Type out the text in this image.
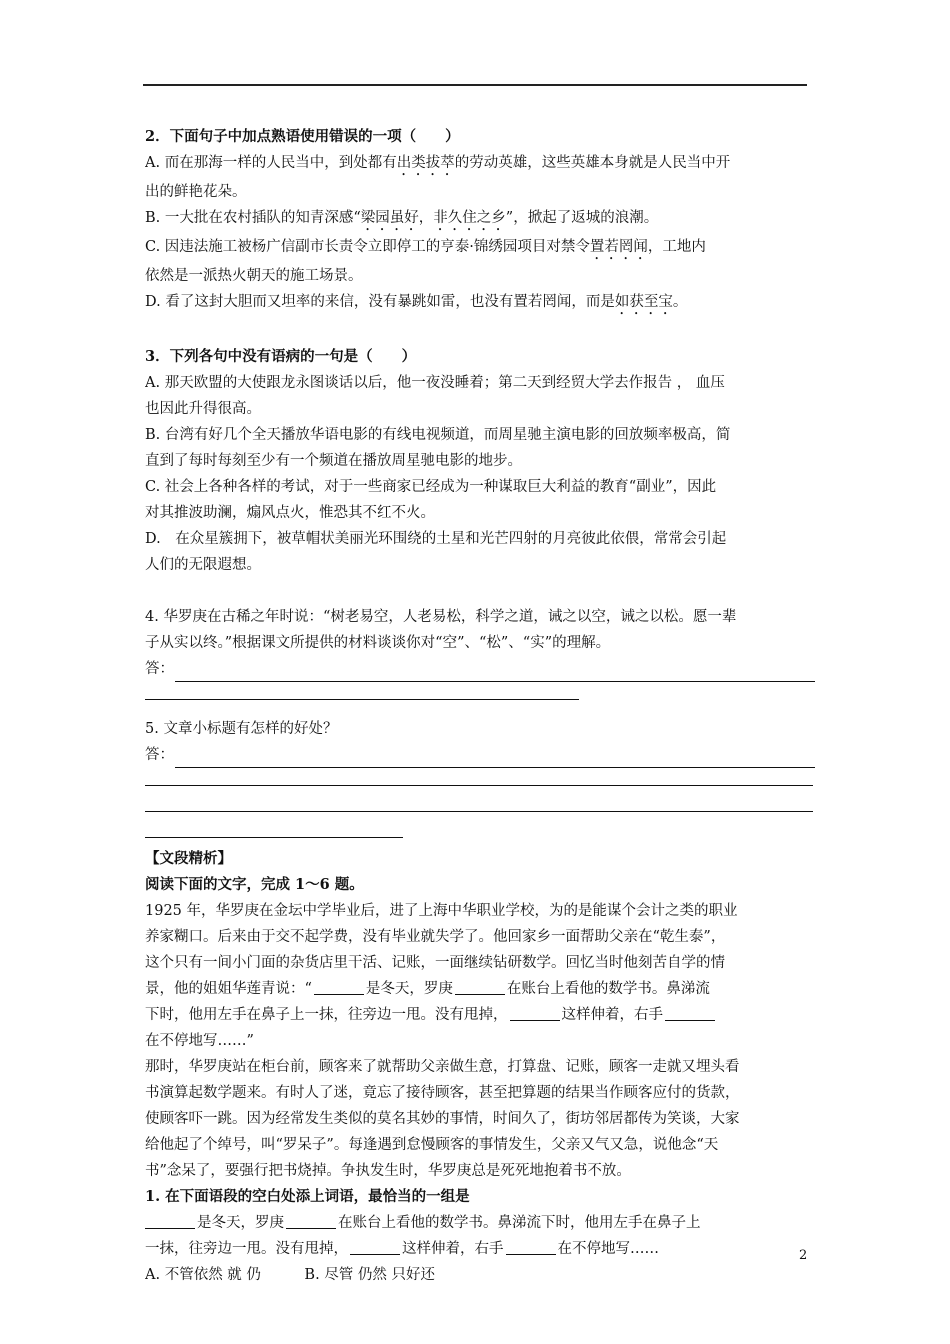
2．下面句子中加点熟语使用错误的一项（　　）
A. 而在那海一样的人民当中，到处都有出类拔萃的劳动英雄，这些英雄本身就是人民当中开
出的鲜艳花朵。
B. 一大批在农村插队的知青深感“梁园虽好，非久住之乡”，掀起了返城的浪潮。
C. 因违法施工被杨广信副市长责令立即停工的亨泰·锦绣园项目对禁令置若罔闻，工地内
依然是一派热火朝天的施工场景。
D. 看了这封大胆而又坦率的来信，没有暴跳如雷，也没有置若罔闻，而是如获至宝。
3．下列各句中没有语病的一句是（　　）
A. 那天欧盟的大使跟龙永图谈话以后，他一夜没睡着；第二天到经贸大学去作报告 ， 血压
也因此升得很高。
B. 台湾有好几个全天播放华语电影的有线电视频道，而周星驰主演电影的回放频率极高，简
直到了每时每刻至少有一个频道在播放周星驰电影的地步。
C. 社会上各种各样的考试，对于一些商家已经成为一种谋取巨大利益的教育“副业”，因此
对其推波助澜，煽风点火，惟恐其不红不火。
D.　在众星簇拥下，被草帽状美丽光环围绕的土星和光芒四射的月亮彼此依偎，常常会引起
人们的无限遐想。
4. 华罗庚在古稀之年时说：“树老易空，人老易松，科学之道，诫之以空，诫之以松。愿一辈
子从实以终。”根据课文所提供的材料谈谈你对“空”、“松”、“实”的理解。
答：
5. 文章小标题有怎样的好处？
答：
【文段精析】
阅读下面的文字，完成 1～6 题。
1925 年，华罗庚在金坛中学毕业后，进了上海中华职业学校，为的是能谋个会计之类的职业
养家糊口。后来由于交不起学费，没有毕业就失学了。他回家乡一面帮助父亲在“乾生泰”，
这个只有一间小门面的杂货店里干活、记账，一面继续钻研数学。回忆当时他刻苦自学的情
景，他的姐姐华莲青说：“	是冬天，罗庚	在账台上看他的数学书。鼻涕流
下时，他用左手在鼻子上一抹，往旁边一甩。没有甩掉，	这样伸着，右手
在不停地写……”
那时，华罗庚站在柜台前，顾客来了就帮助父亲做生意，打算盘、记账，顾客一走就又埋头看
书演算起数学题来。有时人了迷，竟忘了接待顾客，甚至把算题的结果当作顾客应付的货款，
使顾客吓一跳。因为经常发生类似的莫名其妙的事情，时间久了，街坊邻居都传为笑谈，大家
给他起了个绰号，叫“罗呆子”。每逢遇到怠慢顾客的事情发生，父亲又气又急，说他念“天
书”念呆了，要强行把书烧掉。争执发生时，华罗庚总是死死地抱着书不放。
1. 在下面语段的空白处添上词语，最恰当的一组是
是冬天，罗庚	在账台上看他的数学书。鼻涕流下时，他用左手在鼻子上
一抹，往旁边一甩。没有甩掉，	这样伸着，右手	在不停地写……
A. 不管依然 就 仍　　　B. 尽管 仍然 只好还
2
